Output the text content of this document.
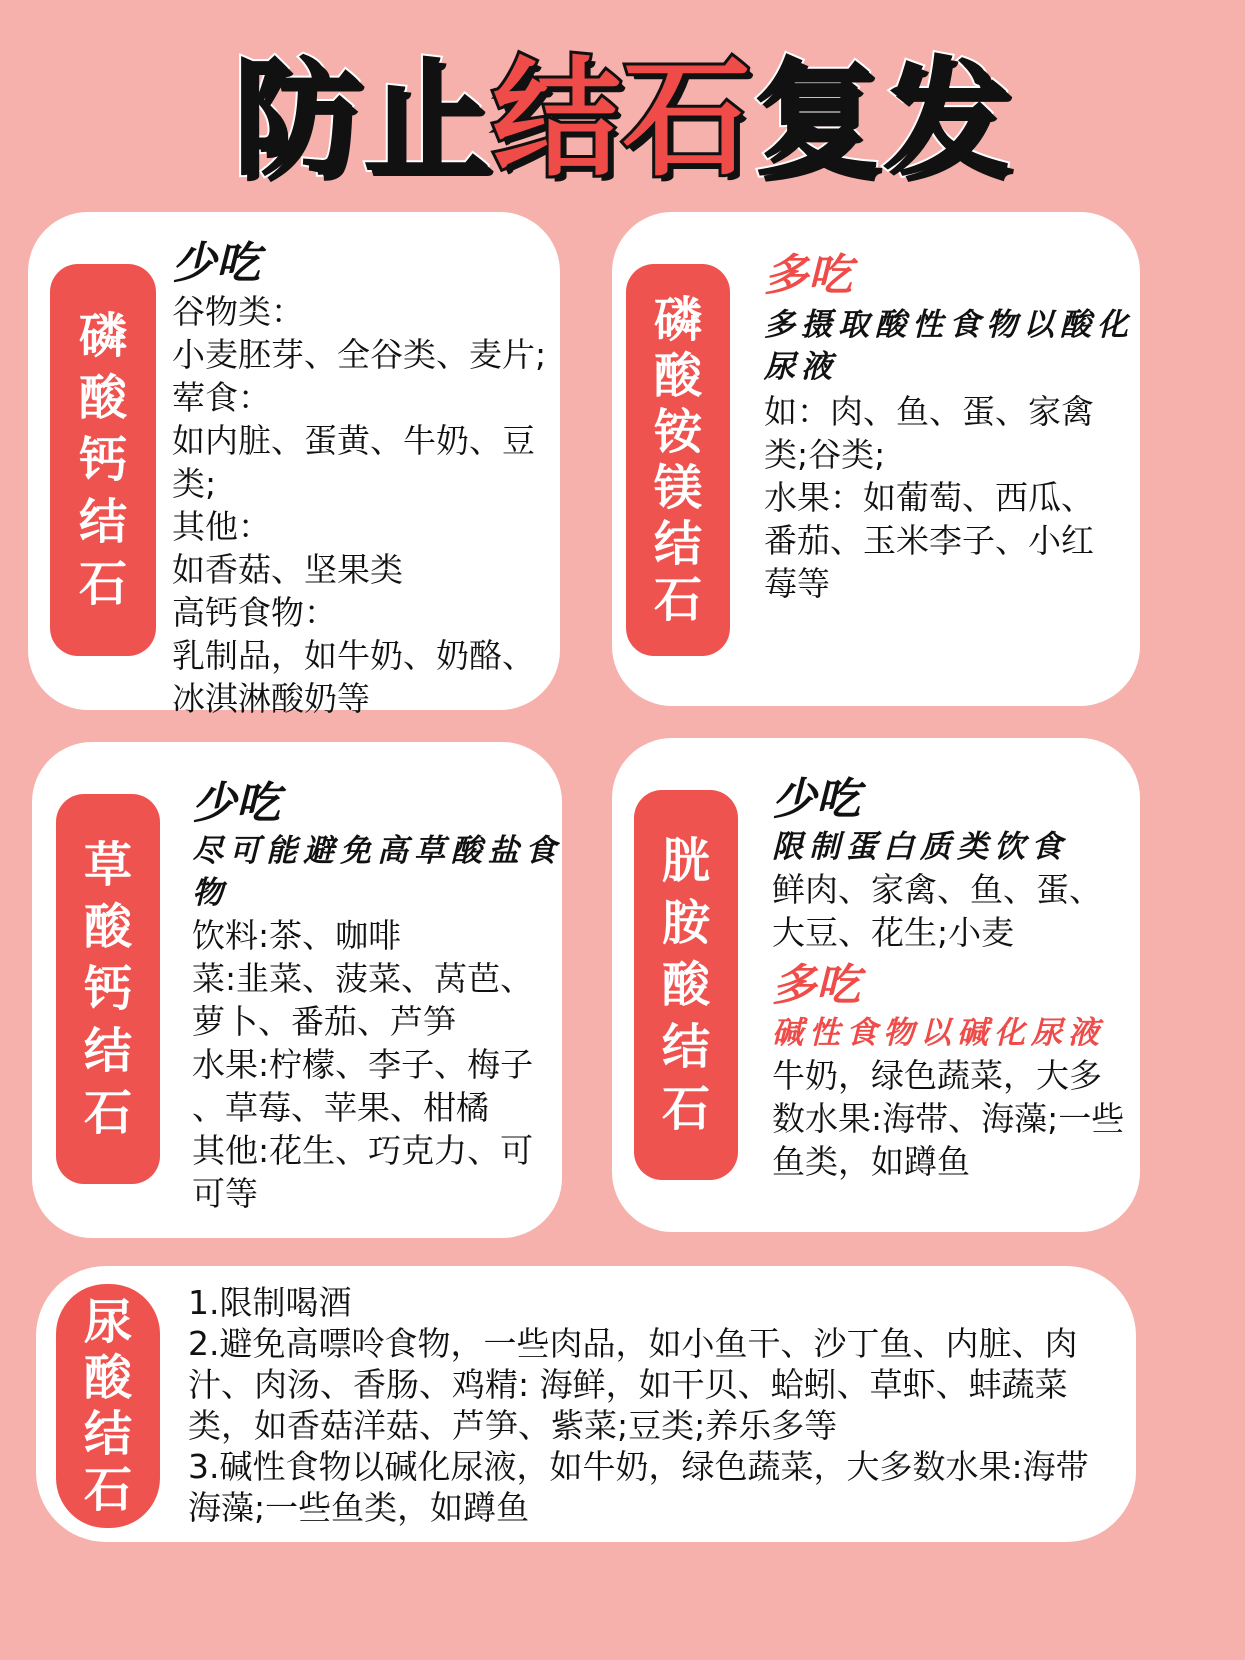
防止 结石 复发
磷酸钙结石
少吃
谷物类：
小麦胚芽、全谷类、麦片;
荤食：
如内脏、蛋黄、牛奶、豆
类;
其他：
如香菇、坚果类
高钙食物：
乳制品，如牛奶、奶酪、
冰淇淋酸奶等
磷酸铵镁结石
多吃
多摄取酸性食物以酸化
尿液
如：肉、鱼、蛋、家禽
类;谷类;
水果：如葡萄、西瓜、
番茄、玉米李子、小红
莓等
草酸钙结石
少吃
尽可能避免高草酸盐食
物
饮料:茶、咖啡
菜:韭菜、菠菜、莴芭、
萝卜、番茄、芦笋
水果:柠檬、李子、梅子
、草莓、苹果、柑橘
其他:花生、巧克力、可
可等
胱胺酸结石
少吃
限制蛋白质类饮食
鲜肉、家禽、鱼、蛋、
大豆、花生;小麦
多吃
碱性食物以碱化尿液
牛奶，绿色蔬菜，大多
数水果:海带、海藻;一些
鱼类，如蹲鱼
尿酸结石
1.限制喝酒
2.避免高嘌呤食物，一些肉品，如小鱼干、沙丁鱼、内脏、肉
汁、肉汤、香肠、鸡精: 海鲜，如干贝、蛤蚓、草虾、蚌蔬菜
类，如香菇洋菇、芦笋、紫菜;豆类;养乐多等
3.碱性食物以碱化尿液，如牛奶，绿色蔬菜，大多数水果:海带
海藻;一些鱼类，如蹲鱼
